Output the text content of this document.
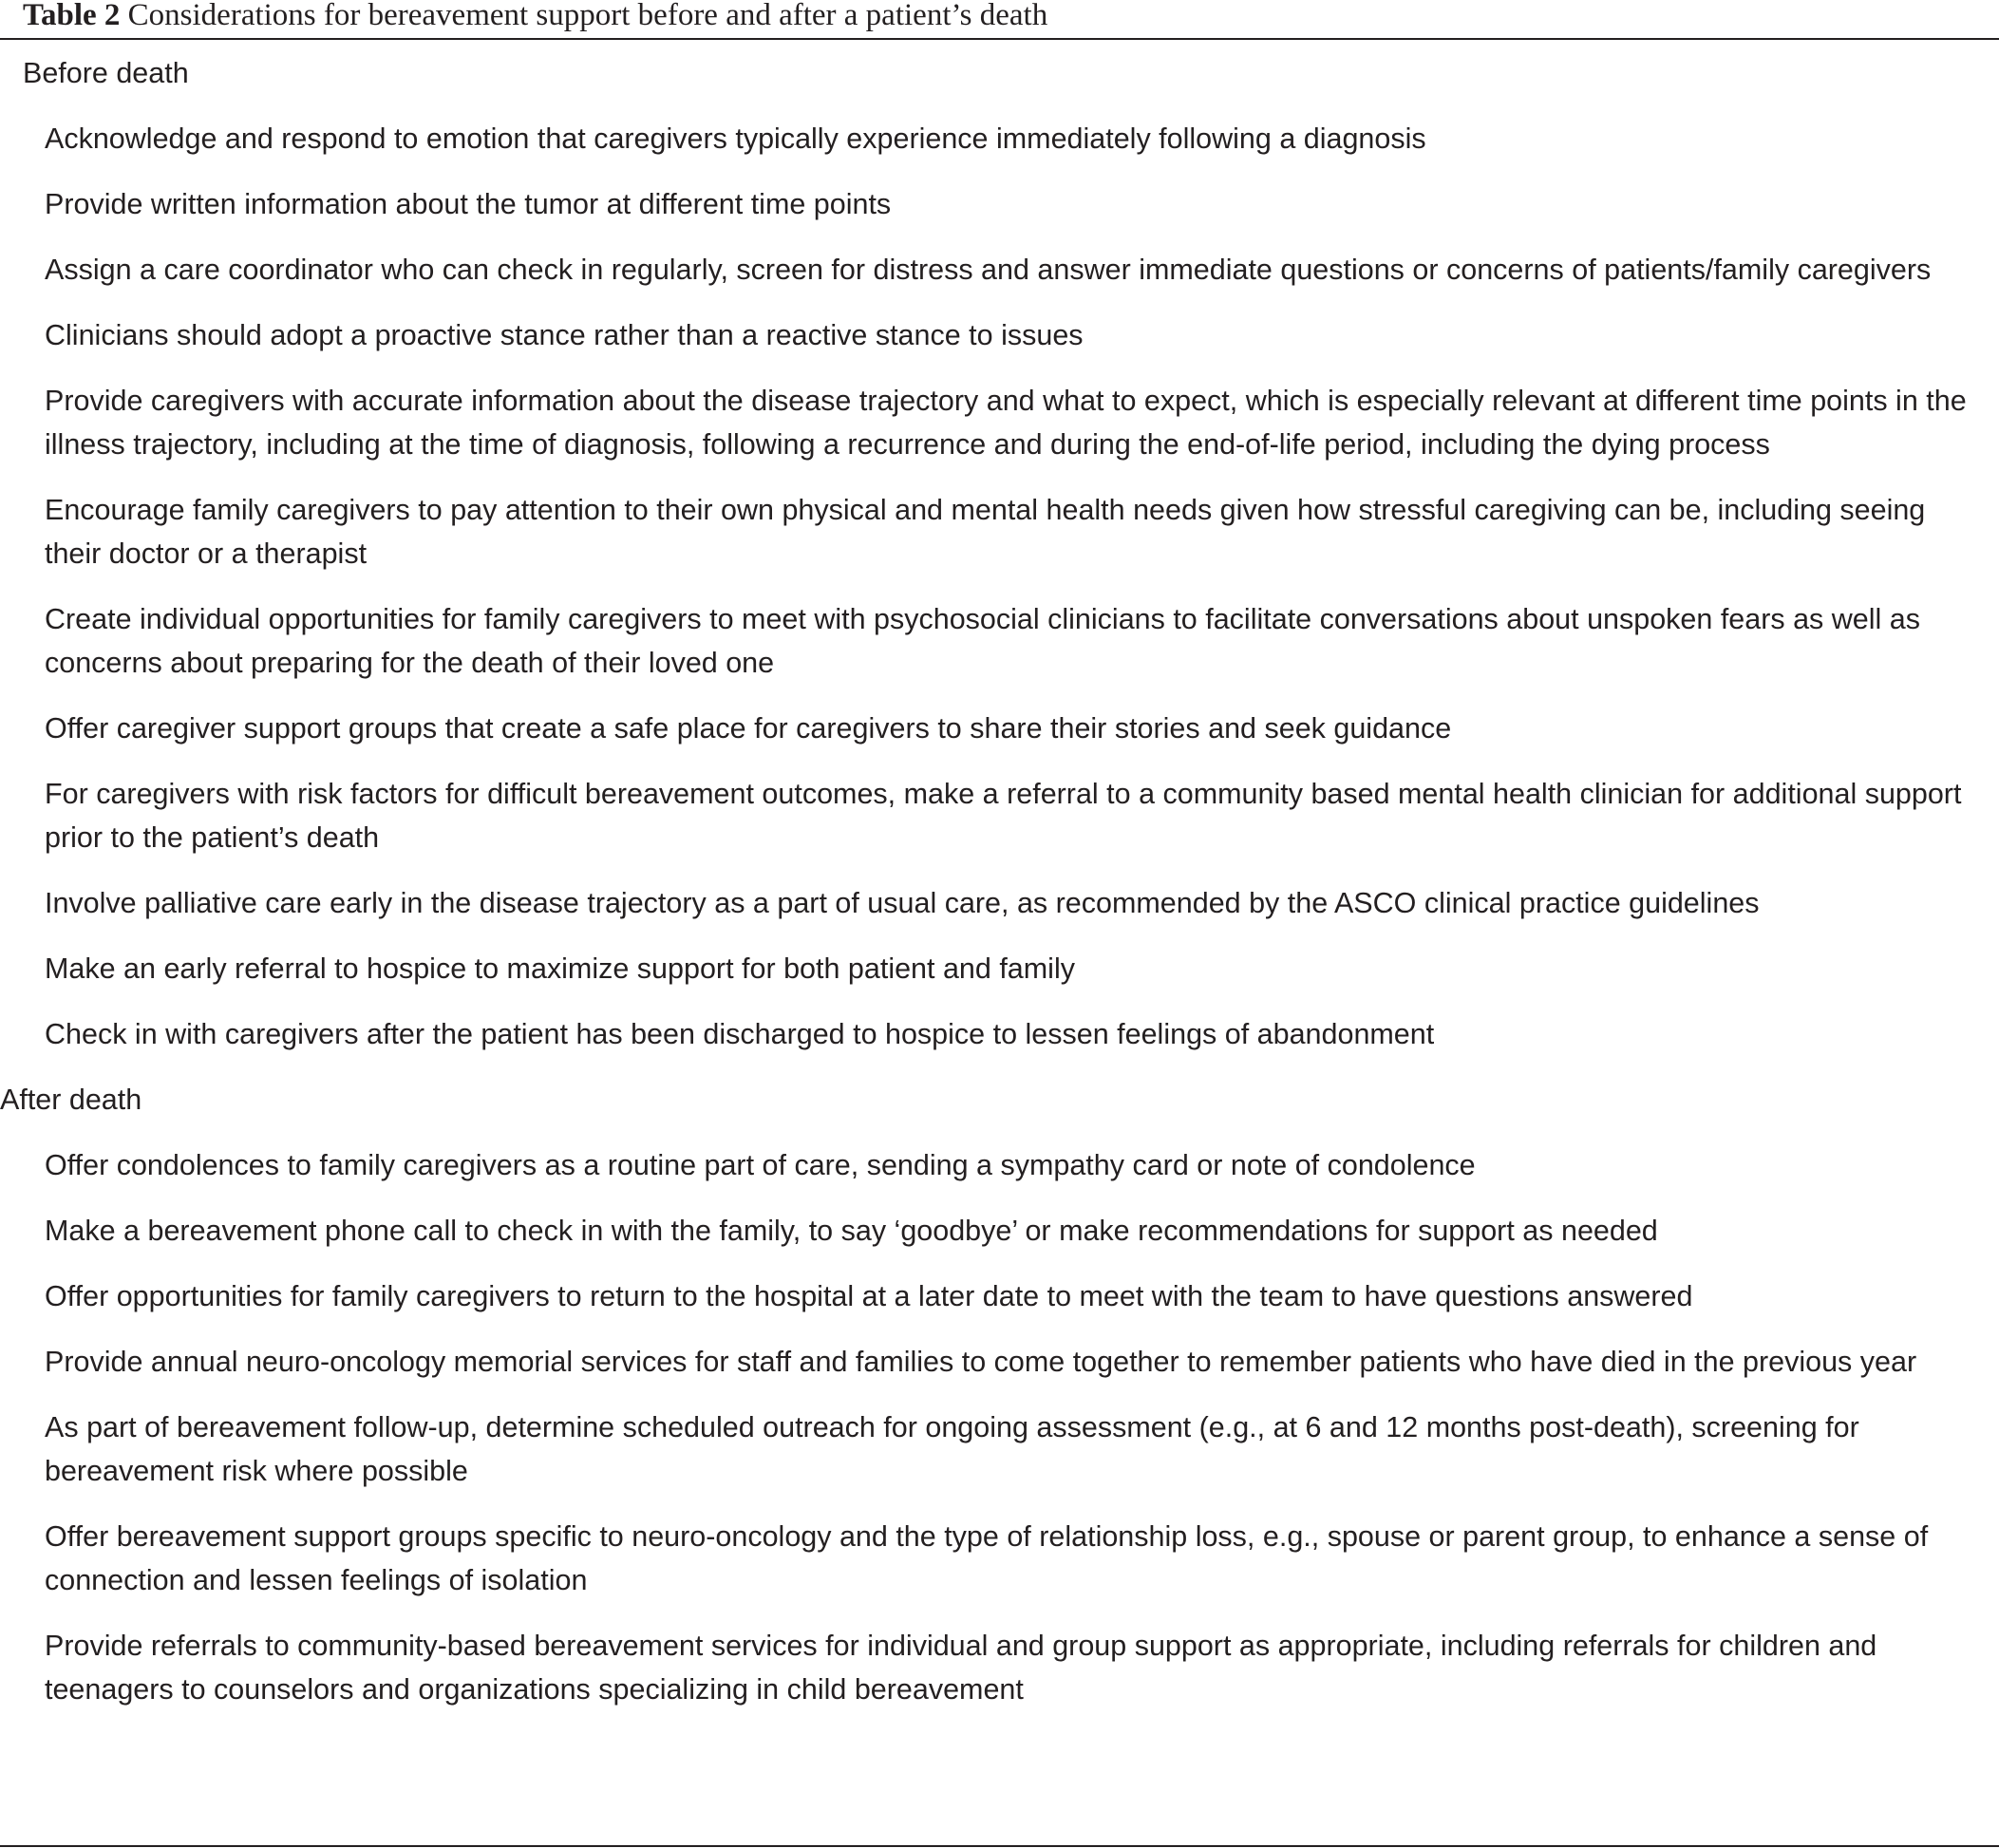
Table 2 Considerations for bereavement support before and after a patient’s death
Before death
Acknowledge and respond to emotion that caregivers typically experience immediately following a diagnosis
Provide written information about the tumor at different time points
Assign a care coordinator who can check in regularly, screen for distress and answer immediate questions or concerns of patients/family caregivers
Clinicians should adopt a proactive stance rather than a reactive stance to issues
Provide caregivers with accurate information about the disease trajectory and what to expect, which is especially relevant at different time points in the illness trajectory, including at the time of diagnosis, following a recurrence and during the end-of-life period, including the dying process
Encourage family caregivers to pay attention to their own physical and mental health needs given how stressful caregiving can be, including seeing their doctor or a therapist
Create individual opportunities for family caregivers to meet with psychosocial clinicians to facilitate conversations about unspoken fears as well as concerns about preparing for the death of their loved one
Offer caregiver support groups that create a safe place for caregivers to share their stories and seek guidance
For caregivers with risk factors for difficult bereavement outcomes, make a referral to a community based mental health clinician for additional support prior to the patient’s death
Involve palliative care early in the disease trajectory as a part of usual care, as recommended by the ASCO clinical practice guidelines
Make an early referral to hospice to maximize support for both patient and family
Check in with caregivers after the patient has been discharged to hospice to lessen feelings of abandonment
After death
Offer condolences to family caregivers as a routine part of care, sending a sympathy card or note of condolence
Make a bereavement phone call to check in with the family, to say ‘goodbye’ or make recommendations for support as needed
Offer opportunities for family caregivers to return to the hospital at a later date to meet with the team to have questions answered
Provide annual neuro-oncology memorial services for staff and families to come together to remember patients who have died in the previous year
As part of bereavement follow-up, determine scheduled outreach for ongoing assessment (e.g., at 6 and 12 months post-death), screening for bereavement risk where possible
Offer bereavement support groups specific to neuro-oncology and the type of relationship loss, e.g., spouse or parent group, to enhance a sense of connection and lessen feelings of isolation
Provide referrals to community-based bereavement services for individual and group support as appropriate, including referrals for children and teenagers to counselors and organizations specializing in child bereavement
